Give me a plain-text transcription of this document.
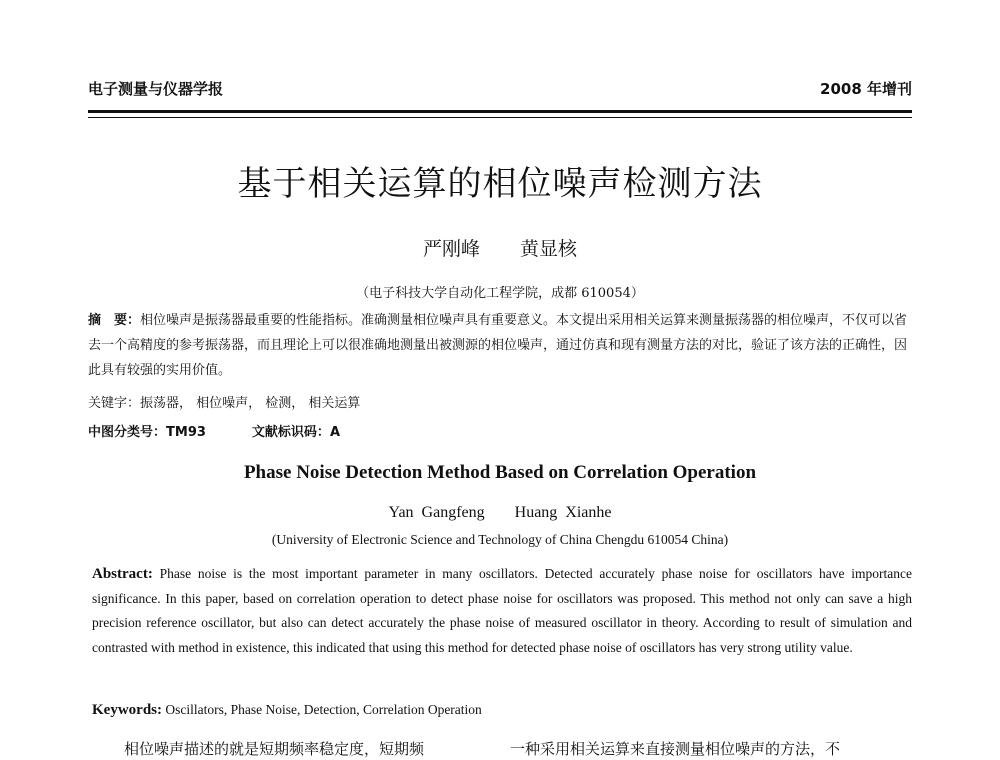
电子测量与仪器学报	2008 年增刊
基于相关运算的相位噪声检测方法
严刚峰 黄显核
（电子科技大学自动化工程学院，成都 610054）
摘　要：相位噪声是振荡器最重要的性能指标。准确测量相位噪声具有重要意义。本文提出采用相关运算来测量振荡器的相位噪声，不仅可以省去一个高精度的参考振荡器，而且理论上可以很准确地测量出被测源的相位噪声，通过仿真和现有测量方法的对比，验证了该方法的正确性，因此具有较强的实用价值。
关键字：振荡器， 相位噪声， 检测， 相关运算
中图分类号：TM93	文献标识码：A
Phase Noise Detection Method Based on Correlation Operation
Yan Gangfeng Huang Xianhe
(University of Electronic Science and Technology of China Chengdu 610054 China)
Abstract: Phase noise is the most important parameter in many oscillators. Detected accurately phase noise for oscillators have importance significance. In this paper, based on correlation operation to detect phase noise for oscillators was proposed. This method not only can save a high precision reference oscillator, but also can detect accurately the phase noise of measured oscillator in theory. According to result of simulation and contrasted with method in existence, this indicated that using this method for detected phase noise of oscillators has very strong utility value.
Keywords: Oscillators, Phase Noise, Detection, Correlation Operation
相位噪声描述的就是短期频率稳定度，短期频	一种采用相关运算来直接测量相位噪声的方法，不
